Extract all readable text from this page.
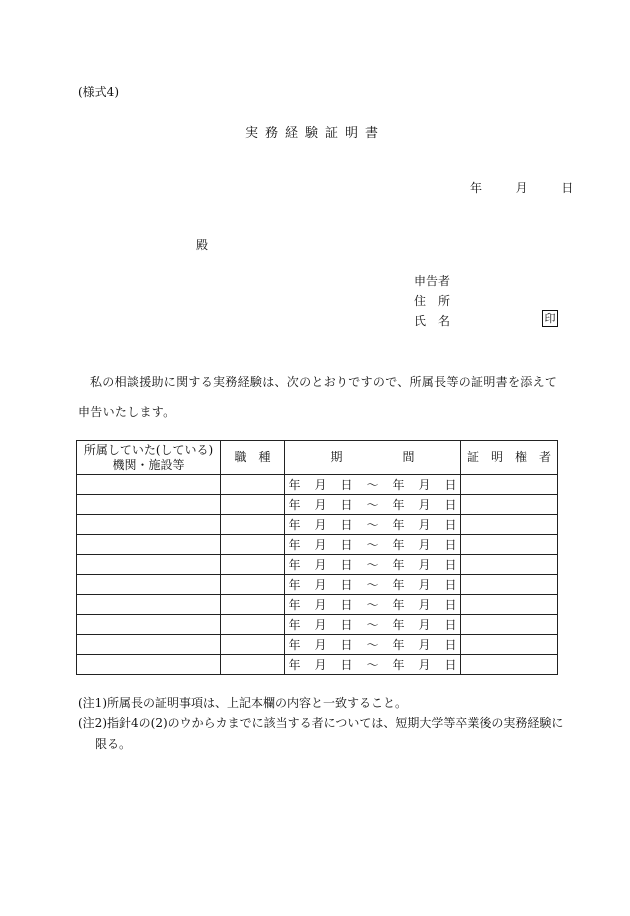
(様式4)
実務経験証明書
年	月	日
殿
申告者
住　所
氏　名	印
私の相談援助に関する実務経験は、次のとおりですので、所属長等の証明書を添えて申告いたします。
所属していた(している)
機関・施設等	職　種	期　　　　　間	証　明　権　者
		年 月 日 ～ 年 月 日	
		年 月 日 ～ 年 月 日	
		年 月 日 ～ 年 月 日	
		年 月 日 ～ 年 月 日	
		年 月 日 ～ 年 月 日	
		年 月 日 ～ 年 月 日	
		年 月 日 ～ 年 月 日	
		年 月 日 ～ 年 月 日	
		年 月 日 ～ 年 月 日	
		年 月 日 ～ 年 月 日	
(注1)所属長の証明事項は、上記本欄の内容と一致すること。
(注2)指針4の(2)のウからカまでに該当する者については、短期大学等卒業後の実務経験に
限る。
